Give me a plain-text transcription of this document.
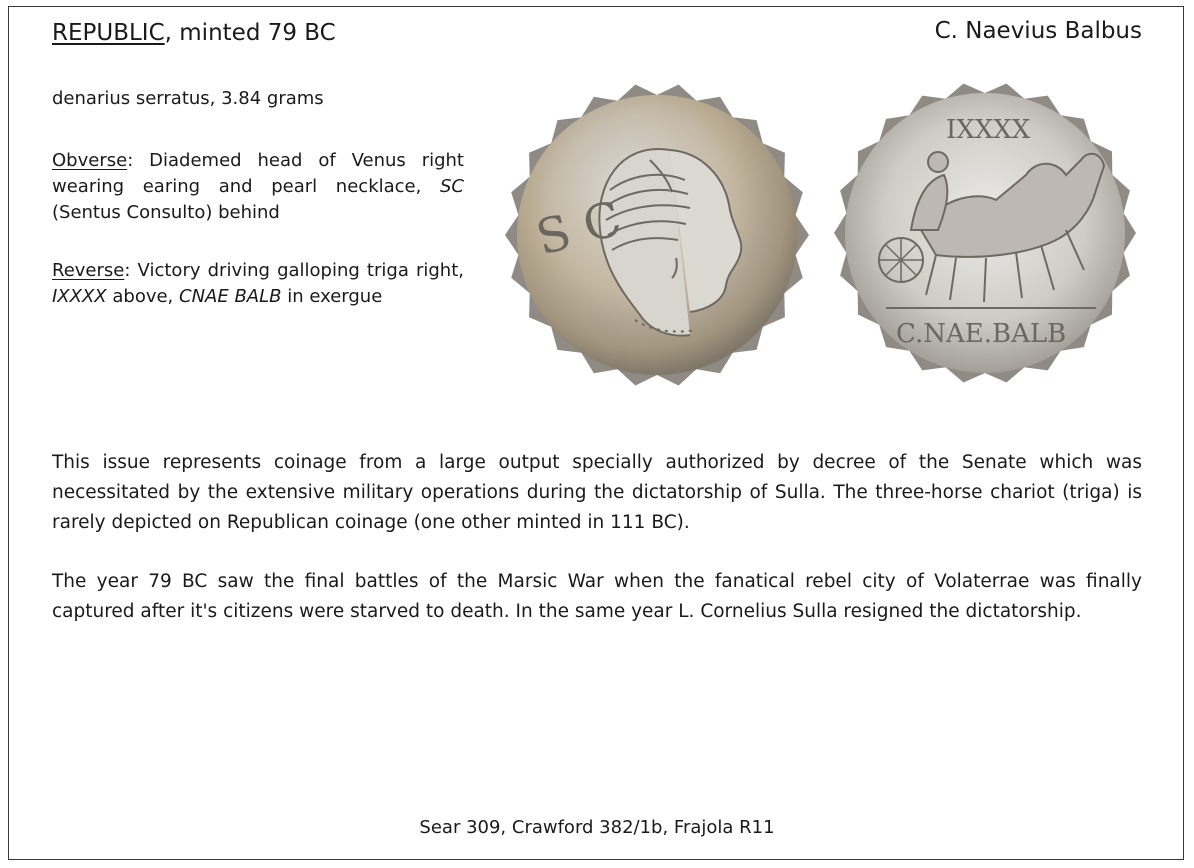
REPUBLIC, minted 79 BC	C. Naevius Balbus
denarius serratus, 3.84 grams
Obverse: Diademed head of Venus right wearing earing and pearl necklace, SC (Sentus Consulto) behind
Reverse: Victory driving galloping triga right, IXXXX above, CNAE BALB in exergue
S C
IXXXX
C.NAE.BALB
This issue represents coinage from a large output specially authorized by decree of the Senate which was necessitated by the extensive military operations during the dictatorship of Sulla. The three-horse chariot (triga) is rarely depicted on Republican coinage (one other minted in 111 BC).
The year 79 BC saw the final battles of the Marsic War when the fanatical rebel city of Volaterrae was finally captured after it's citizens were starved to death. In the same year L. Cornelius Sulla resigned the dictatorship.
Sear 309, Crawford 382/1b, Frajola R11
